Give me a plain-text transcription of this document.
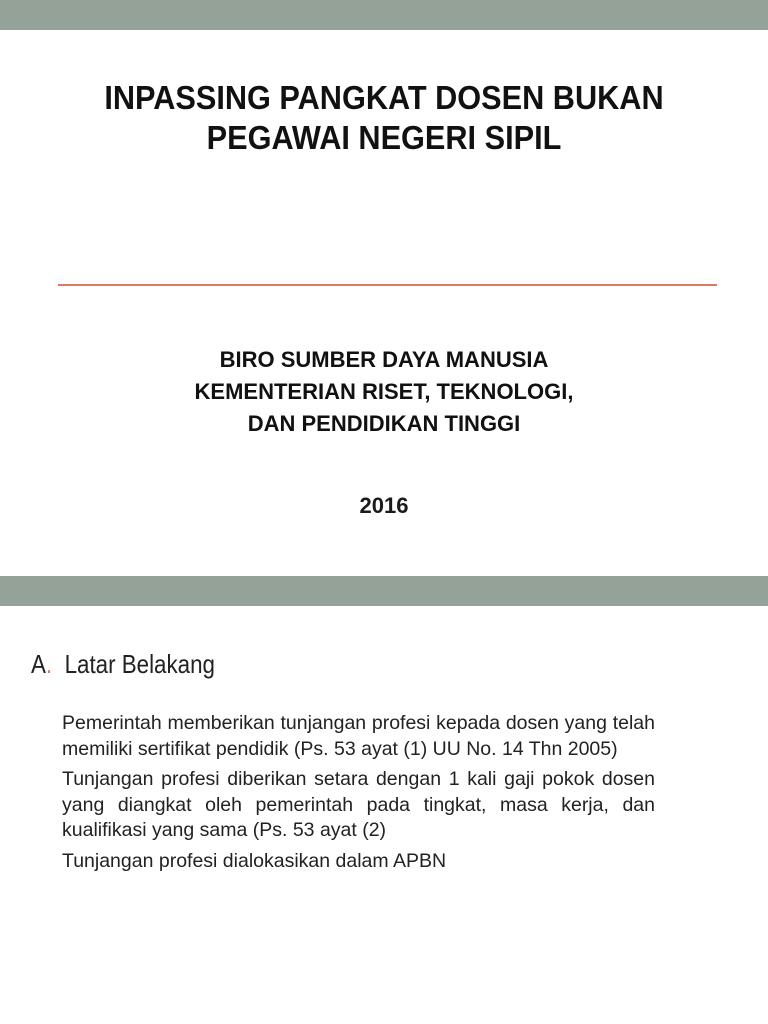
INPASSING PANGKAT DOSEN BUKAN
PEGAWAI NEGERI SIPIL
BIRO SUMBER DAYA MANUSIA
KEMENTERIAN RISET, TEKNOLOGI,
DAN PENDIDIKAN TINGGI
2016
A. Latar Belakang

Pemerintah memberikan tunjangan profesi kepada dosen yang telah memiliki sertifikat pendidik (Ps. 53 ayat (1) UU No. 14 Thn 2005)

Tunjangan profesi diberikan setara dengan 1 kali gaji pokok dosen yang diangkat oleh pemerintah pada tingkat, masa kerja, dan kualifikasi yang sama (Ps. 53 ayat (2)

Tunjangan profesi dialokasikan dalam APBN
